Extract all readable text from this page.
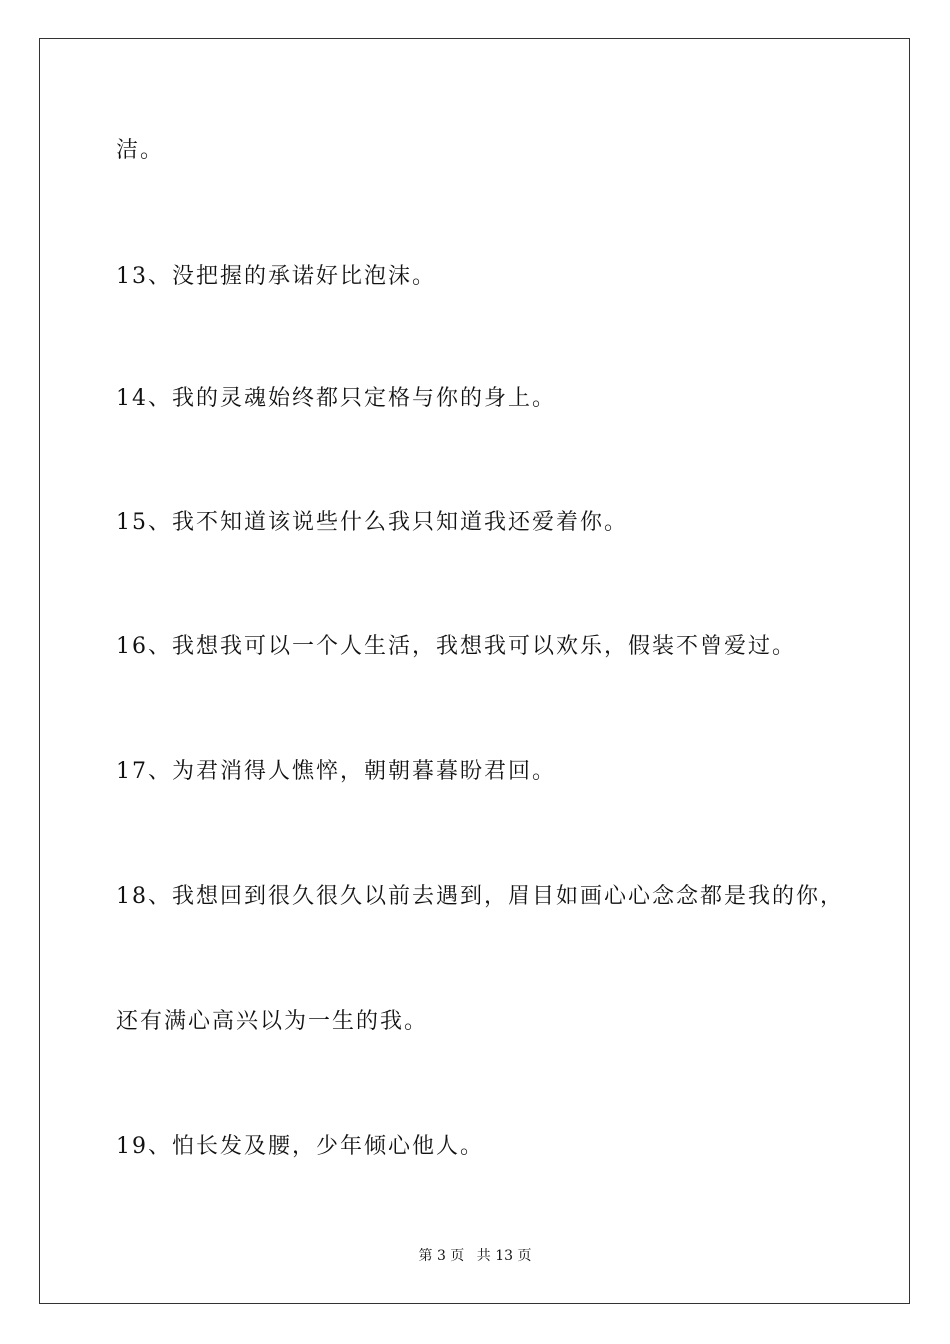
洁。
13、没把握的承诺好比泡沫。
14、我的灵魂始终都只定格与你的身上。
15、我不知道该说些什么我只知道我还爱着你。
16、我想我可以一个人生活，我想我可以欢乐，假装不曾爱过。
17、为君消得人憔悴，朝朝暮暮盼君回。
18、我想回到很久很久以前去遇到，眉目如画心心念念都是我的你，
还有满心高兴以为一生的我。
19、怕长发及腰，少年倾心他人。
第 3 页 共 13 页
